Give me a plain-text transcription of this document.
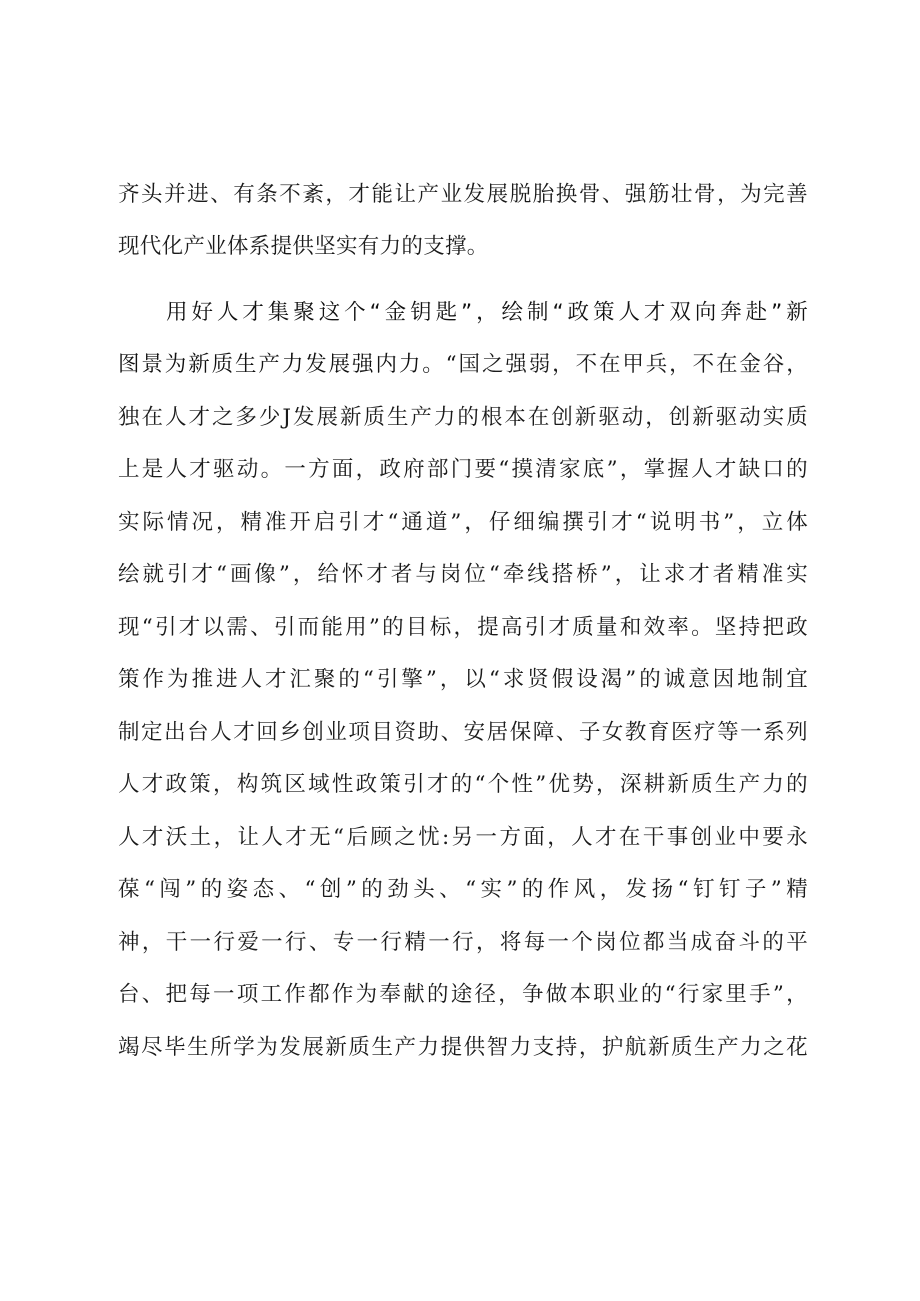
齐头并进、有条不紊，才能让产业发展脱胎换骨、强筋壮骨，为完善
现代化产业体系提供坚实有力的支撑。
用好人才集聚这个“金钥匙”，绘制“政策人才双向奔赴”新
图景为新质生产力发展强内力。“国之强弱，不在甲兵，不在金谷，
独在人才之多少J发展新质生产力的根本在创新驱动，创新驱动实质
上是人才驱动。一方面，政府部门要“摸清家底”，掌握人才缺口的
实际情况，精准开启引才“通道”，仔细编撰引才“说明书”，立体
绘就引才“画像”，给怀才者与岗位“牵线搭桥”，让求才者精准实
现“引才以需、引而能用”的目标，提高引才质量和效率。坚持把政
策作为推进人才汇聚的“引擎”，以“求贤假设渴”的诚意因地制宜
制定出台人才回乡创业项目资助、安居保障、子女教育医疗等一系列
人才政策，构筑区域性政策引才的“个性”优势，深耕新质生产力的
人才沃土，让人才无“后顾之忧:另一方面，人才在干事创业中要永
葆“闯”的姿态、“创”的劲头、“实”的作风，发扬“钉钉子”精
神，干一行爱一行、专一行精一行，将每一个岗位都当成奋斗的平
台、把每一项工作都作为奉献的途径，争做本职业的“行家里手”，
竭尽毕生所学为发展新质生产力提供智力支持，护航新质生产力之花
